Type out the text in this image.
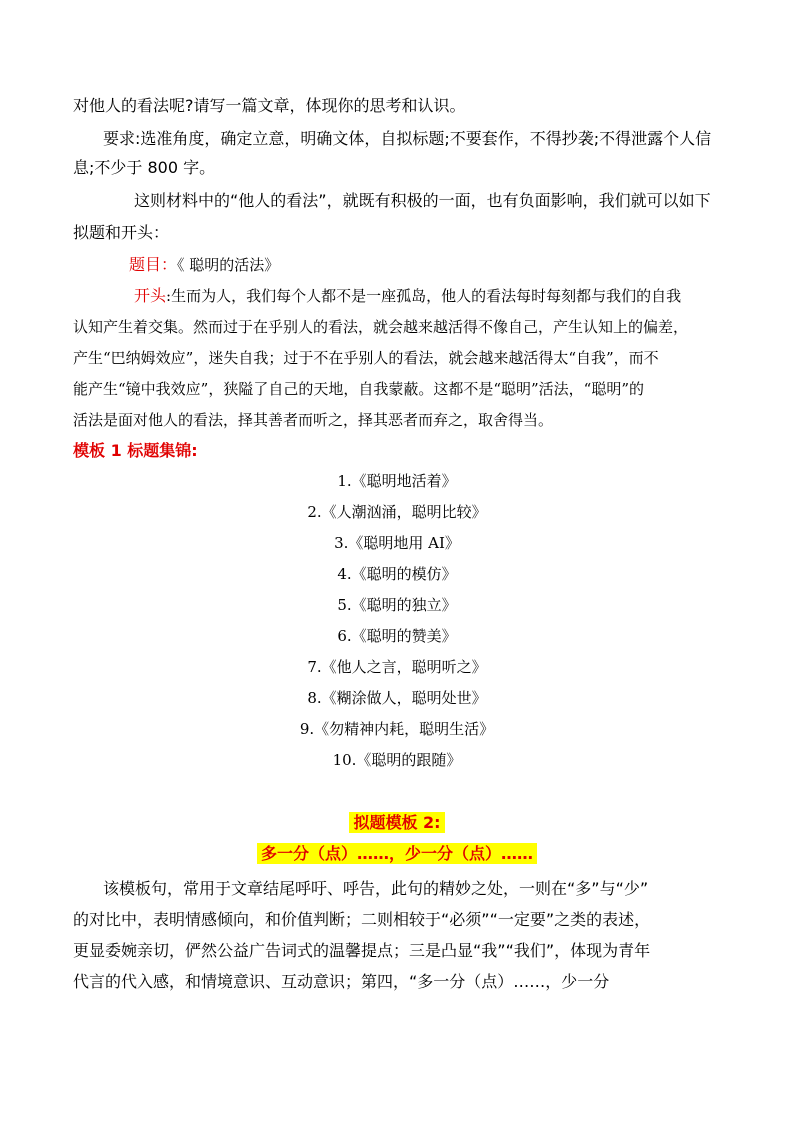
对他人的看法呢?请写一篇文章，体现你的思考和认识。
要求:选准角度，确定立意，明确文体，自拟标题;不要套作，不得抄袭;不得泄露个人信
息;不少于 800 字。
这则材料中的“他人的看法”，就既有积极的一面，也有负面影响，我们就可以如下
拟题和开头：
题目：《 聪明的活法》
开头:生而为人，我们每个人都不是一座孤岛，他人的看法每时每刻都与我们的自我
认知产生着交集。然而过于在乎别人的看法，就会越来越活得不像自己，产生认知上的偏差，
产生“巴纳姆效应”，迷失自我；过于不在乎别人的看法，就会越来越活得太“自我”，而不
能产生“镜中我效应”，狭隘了自己的天地，自我蒙蔽。这都不是“聪明”活法，“聪明”的
活法是面对他人的看法，择其善者而听之，择其恶者而弃之，取舍得当。
模板 1 标题集锦:
1.《聪明地活着》
2.《人潮汹涌，聪明比较》
3.《聪明地用 AI》
4.《聪明的模仿》
5.《聪明的独立》
6.《聪明的赞美》
7.《他人之言，聪明听之》
8.《糊涂做人，聪明处世》
9.《勿精神内耗，聪明生活》
10.《聪明的跟随》
拟题模板 2:
多一分（点）……，少一分（点）……
该模板句，常用于文章结尾呼吁、呼告，此句的精妙之处，一则在“多”与“少”
的对比中，表明情感倾向，和价值判断；二则相较于“必须”“一定要”之类的表述，
更显委婉亲切，俨然公益广告词式的温馨提点；三是凸显“我”“我们”，体现为青年
代言的代入感，和情境意识、互动意识；第四，“多一分（点）……，少一分
